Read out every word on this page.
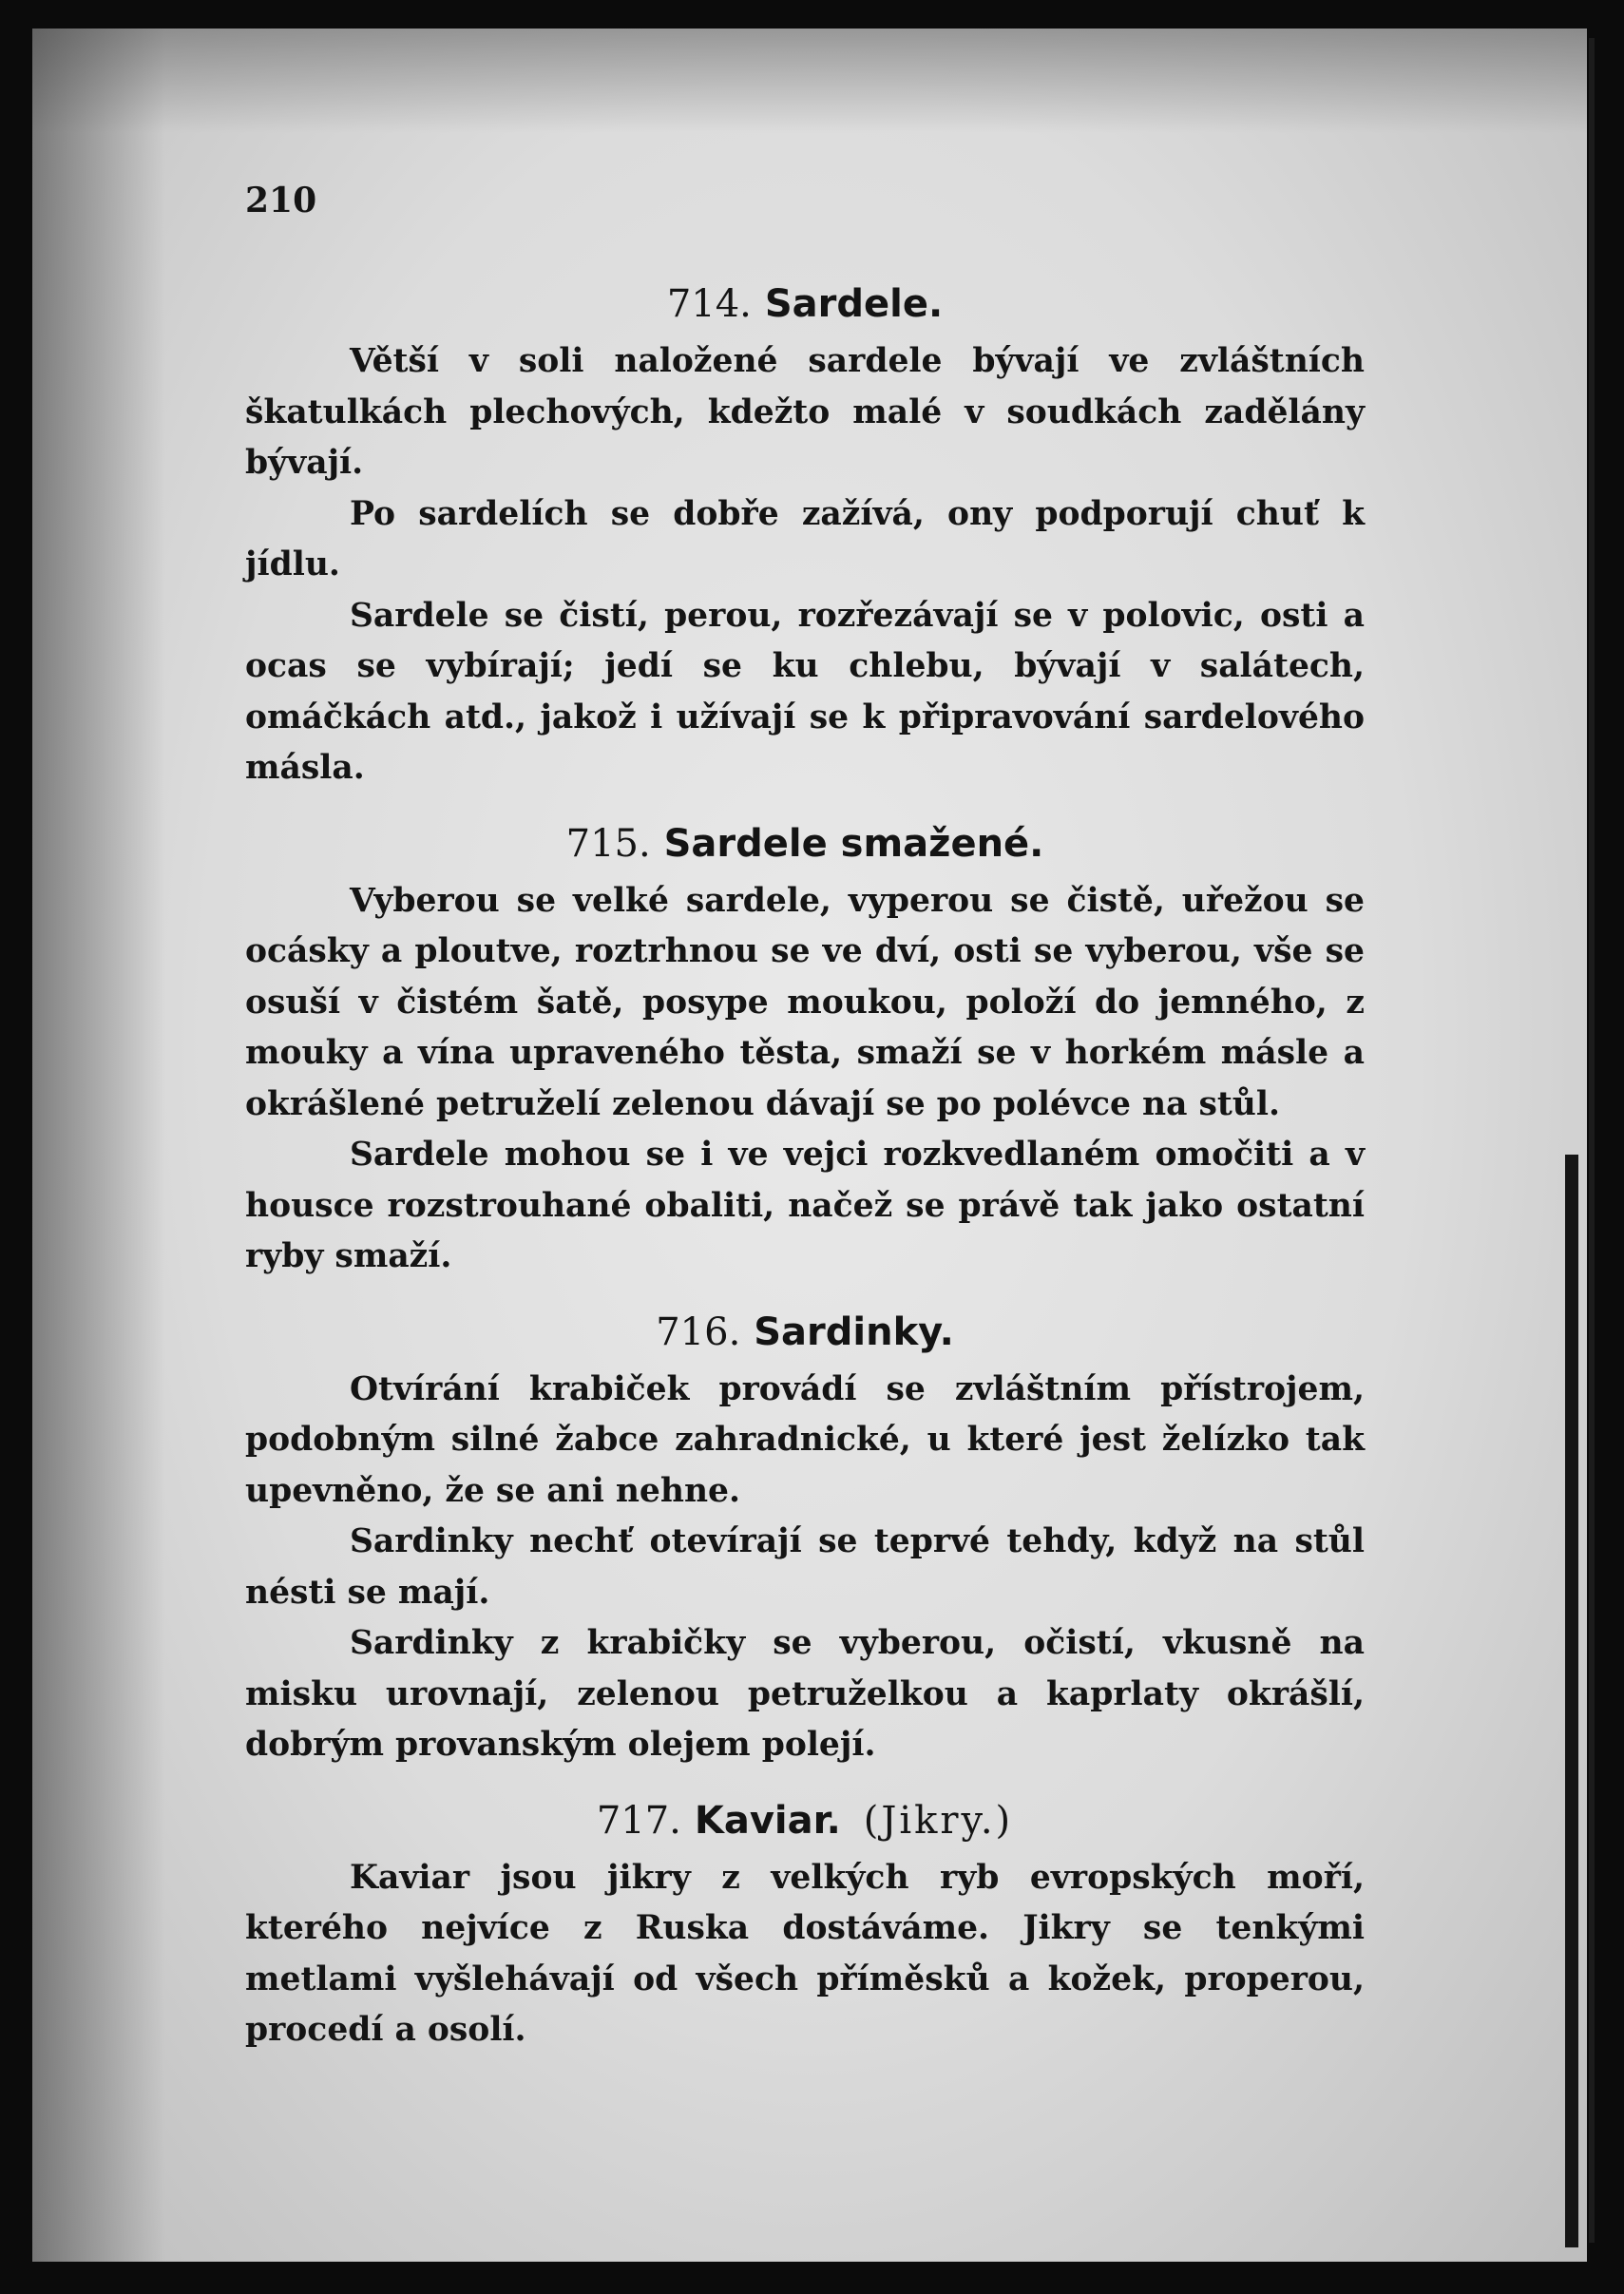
210
714. Sardele.

Větší v soli naložené sardele bývají ve zvláštních škatulkách plechových, kdežto malé v soudkách zadělány bývají.

Po sardelích se dobře zažívá, ony podporují chuť k jídlu.

Sardele se čistí, perou, rozřezávají se v polovic, osti a ocas se vybírají; jedí se ku chlebu, bývají v salátech, omáčkách atd., jakož i užívají se k připravování sardelového másla.

715. Sardele smažené.

Vyberou se velké sardele, vyperou se čistě, uřežou se ocásky a ploutve, roztrhnou se ve dví, osti se vyberou, vše se osuší v čistém šatě, posype moukou, položí do jemného, z mouky a vína upraveného těsta, smaží se v horkém másle a okrášlené petruželí zelenou dávají se po polévce na stůl.

Sardele mohou se i ve vejci rozkvedlaném omočiti a v housce rozstrouhané obaliti, načež se právě tak jako ostatní ryby smaží.

716. Sardinky.

Otvírání krabiček provádí se zvláštním přístrojem, podobným silné žabce zahradnické, u které jest želízko tak upevněno, že se ani nehne.

Sardinky nechť otevírají se teprvé tehdy, když na stůl nésti se mají.

Sardinky z krabičky se vyberou, očistí, vkusně na misku urovnají, zelenou petruželkou a kaprlaty okrášlí, dobrým provanským olejem polejí.

717. Kaviar. (Jikry.)

Kaviar jsou jikry z velkých ryb evropských moří, kterého nejvíce z Ruska dostáváme. Jikry se tenkými metlami vyšlehávají od všech příměsků a kožek, properou, procedí a osolí.
